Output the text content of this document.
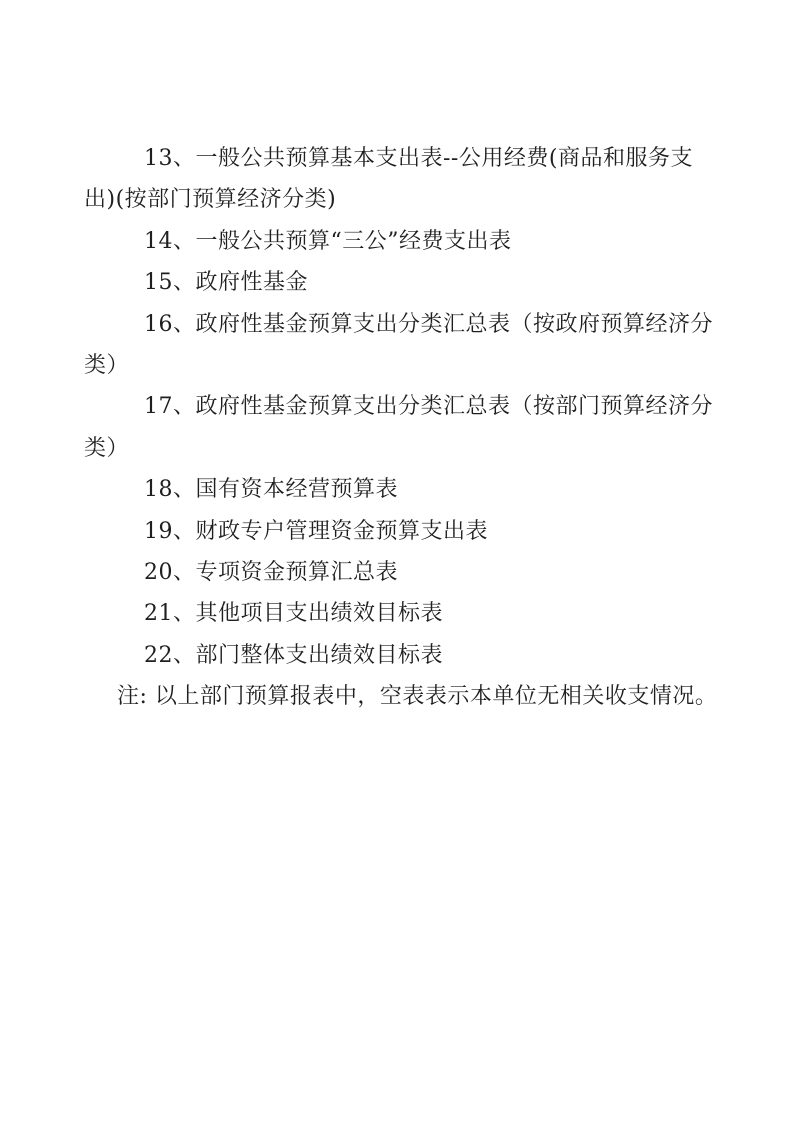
13、一般公共预算基本支出表--公用经费(商品和服务支
出)(按部门预算经济分类)
14、一般公共预算“三公”经费支出表
15、政府性基金
16、政府性基金预算支出分类汇总表（按政府预算经济分
类）
17、政府性基金预算支出分类汇总表（按部门预算经济分
类）
18、国有资本经营预算表
19、财政专户管理资金预算支出表
20、专项资金预算汇总表
21、其他项目支出绩效目标表
22、部门整体支出绩效目标表
注: 以上部门预算报表中，空表表示本单位无相关收支情况。
